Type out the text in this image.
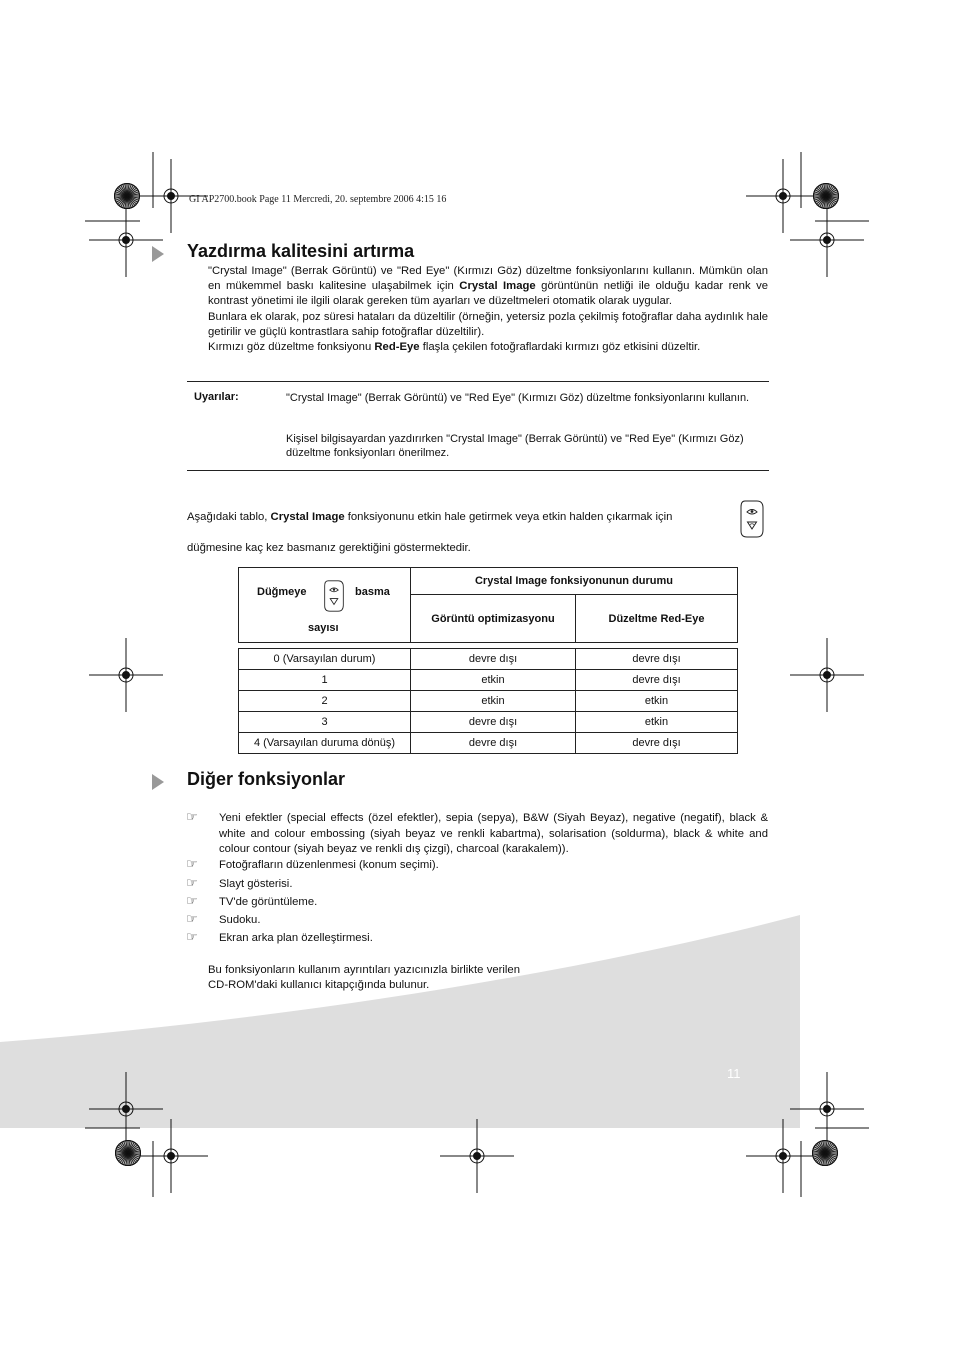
GI AP2700.book Page 11 Mercredi, 20. septembre 2006 4:15 16
Yazdırma kalitesini artırma

"Crystal Image" (Berrak Görüntü) ve "Red Eye" (Kırmızı Göz) düzeltme fonksiyonlarını kullanın. Mümkün olan en mükemmel baskı kalitesine ulaşabilmek için Crystal Image görüntünün netliği ile olduğu kadar renk ve kontrast yönetimi ile ilgili olarak gereken tüm ayarları ve düzeltmeleri otomatik olarak uygular.

Bunlara ek olarak, poz süresi hataları da düzeltilir (örneğin, yetersiz pozla çekilmiş fotoğraflar daha aydınlık hale getirilir ve güçlü kontrastlara sahip fotoğraflar düzeltilir).

Kırmızı göz düzeltme fonksiyonu Red-Eye flaşla çekilen fotoğraflardaki kırmızı göz etkisini düzeltir.

Uyarılar:	"Crystal Image" (Berrak Görüntü) ve "Red Eye" (Kırmızı Göz) düzeltme fonksiyonlarını kullanın.
Kişisel bilgisayardan yazdırırken "Crystal Image" (Berrak Görüntü) ve "Red Eye" (Kırmızı Göz) düzeltme fonksiyonları önerilmez.
Aşağıdaki tablo, Crystal Image fonksiyonunu etkin hale getirmek veya etkin halden çıkarmak için
düğmesine kaç kez basmanız gerektiğini göstermektedir.
Düğmeye basma
sayısı	Crystal Image fonksiyonunun durumu	
	Görüntü optimizasyonu	Düzeltme Red-Eye

0 (Varsayılan durum)	devre dışı	devre dışı
1	etkin	devre dışı
2	etkin	etkin
3	devre dışı	etkin
4 (Varsayılan duruma dönüş)	devre dışı	devre dışı
Diğer fonksiyonlar
☞ Yeni efektler (special effects (özel efektler), sepia (sepya), B&W (Siyah Beyaz), negative (negatif), black & white and colour embossing (siyah beyaz ve renkli kabartma), solarisation (soldurma), black & white and colour contour (siyah beyaz ve renkli dış çizgi), charcoal (karakalem)).
☞ Fotoğrafların düzenlenmesi (konum seçimi).
☞ Slayt gösterisi.
☞ TV'de görüntüleme.
☞ Sudoku.
☞ Ekran arka plan özelleştirmesi.
Bu fonksiyonların kullanım ayrıntıları yazıcınızla birlikte verilen CD-ROM'daki kullanıcı kitapçığında bulunur.
11
